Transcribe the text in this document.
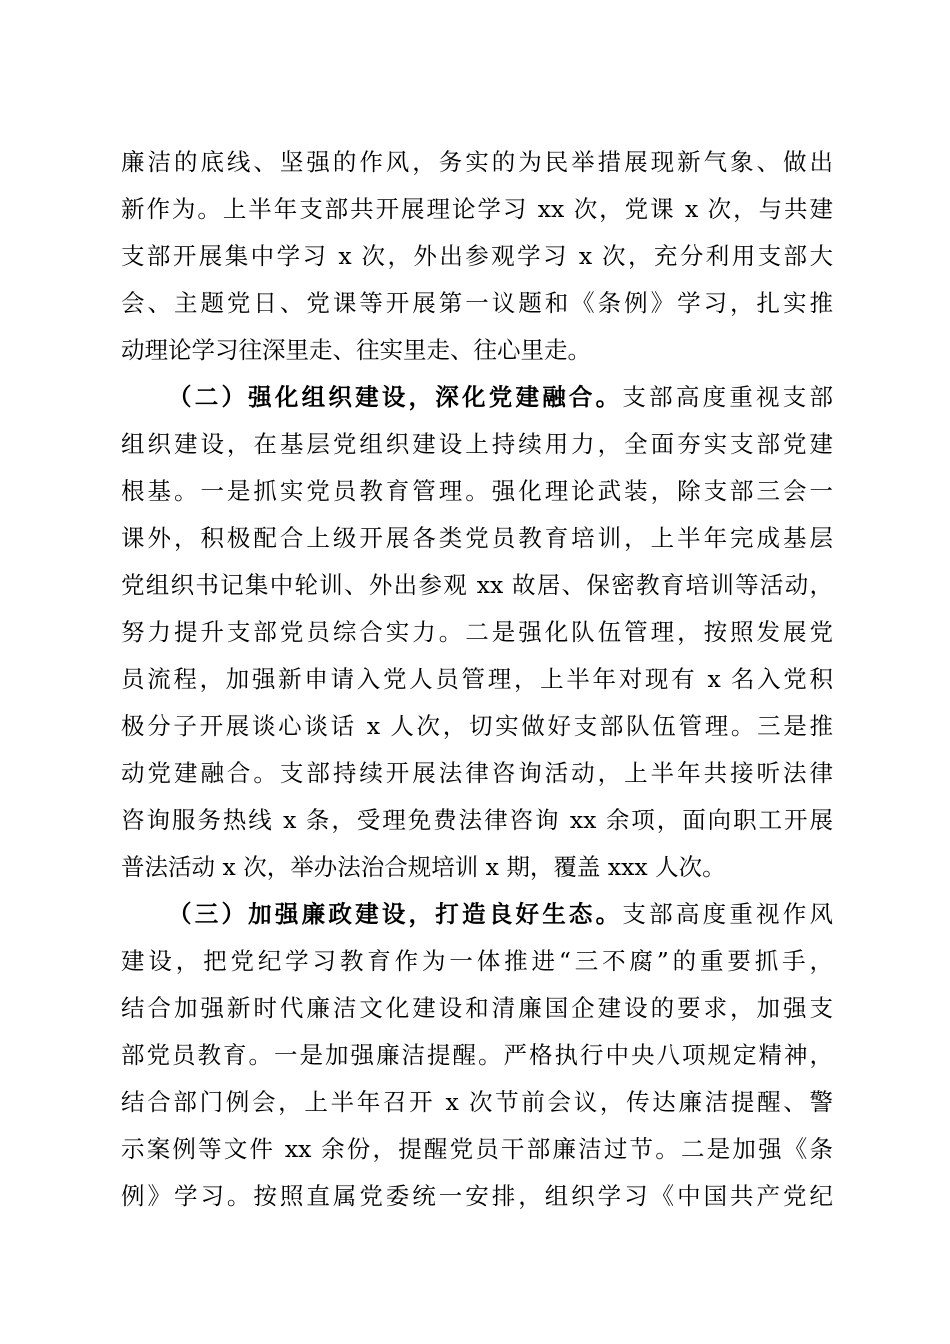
廉洁的底线、坚强的作风，务实的为民举措展现新气象、做出
新作为。上半年支部共开展理论学习 xx 次，党课 x 次，与共建
支部开展集中学习 x 次，外出参观学习 x 次，充分利用支部大
会、主题党日、党课等开展第一议题和《条例》学习，扎实推
动理论学习往深里走、往实里走、往心里走。
（二）强化组织建设，深化党建融合。支部高度重视支部
组织建设，在基层党组织建设上持续用力，全面夯实支部党建
根基。一是抓实党员教育管理。强化理论武装，除支部三会一
课外，积极配合上级开展各类党员教育培训，上半年完成基层
党组织书记集中轮训、外出参观 xx 故居、保密教育培训等活动，
努力提升支部党员综合实力。二是强化队伍管理，按照发展党
员流程，加强新申请入党人员管理，上半年对现有 x 名入党积
极分子开展谈心谈话 x 人次，切实做好支部队伍管理。三是推
动党建融合。支部持续开展法律咨询活动，上半年共接听法律
咨询服务热线 x 条，受理免费法律咨询 xx 余项，面向职工开展
普法活动 x 次，举办法治合规培训 x 期，覆盖 xxx 人次。
（三）加强廉政建设，打造良好生态。支部高度重视作风
建设，把党纪学习教育作为一体推进“三不腐”的重要抓手，
结合加强新时代廉洁文化建设和清廉国企建设的要求，加强支
部党员教育。一是加强廉洁提醒。严格执行中央八项规定精神，
结合部门例会，上半年召开 x 次节前会议，传达廉洁提醒、警
示案例等文件 xx 余份，提醒党员干部廉洁过节。二是加强《条
例》学习。按照直属党委统一安排，组织学习《中国共产党纪
